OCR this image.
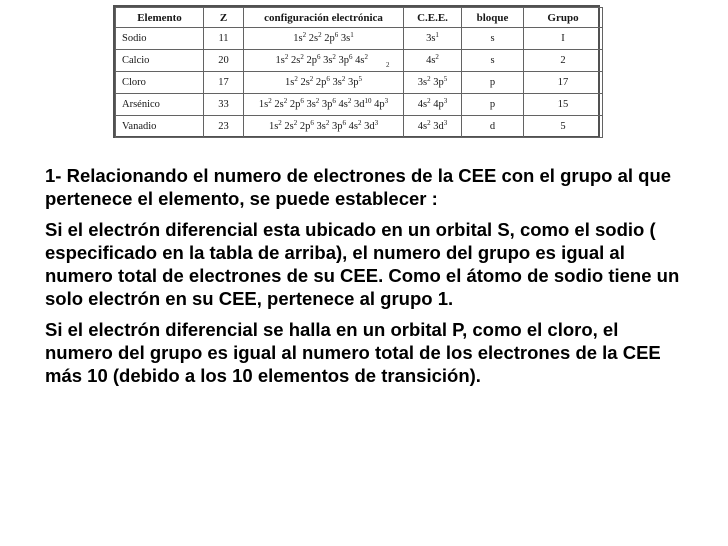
Elemento	Z	configuración electrónica	C.E.E.	bloque	Grupo
Sodio	11	$1s^2$ $2s^2$ $2p^6$ $3s^1$	$3s^1$	s	I
Calcio	20	$1s^2$ $2s^2$ $2p^6$ $3s^2$ $3p^6$ $4s^2_2$	$4s^2$	s	2
Cloro	17	$1s^2$ $2s^2$ $2p^6$ $3s^2$ $3p^5$	$3s^2$ $3p^5$	p	17
Arsénico	33	$1s^2$ $2s^2$ $2p^6$ $3s^2$ $3p^6$ $4s^2$ $3d^{10}$ $4p^3$	$4s^2$ $4p^3$	p	15
Vanadio	23	$1s^2$ $2s^2$ $2p^6$ $3s^2$ $3p^6$ $4s^2$ $3d^3$	$4s^2$ $3d^3$	d	5

1- Relacionando el numero de electrones de la CEE con el grupo al que pertenece el elemento, se puede establecer :

Si el electrón diferencial esta ubicado en un orbital S, como el sodio ( especificado en la tabla de arriba), el numero del grupo es igual al numero total de electrones de su CEE. Como el átomo de sodio tiene un solo electrón en su CEE, pertenece al grupo 1.

Si el electrón diferencial se halla en un orbital P, como el cloro, el numero del grupo es igual al numero total de los electrones de la CEE más 10 (debido a los 10 elementos de transición).
